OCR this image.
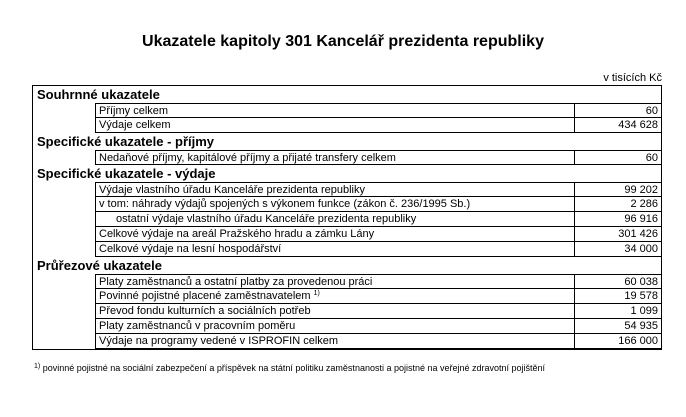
Ukazatele kapitoly 301 Kancelář prezidenta republiky
v tisících Kč
Souhrnné ukazatele
Příjmy celkem	60
Výdaje celkem	434 628
Specifické ukazatele - příjmy
Nedaňové příjmy, kapitálové příjmy a přijaté transfery celkem	60
Specifické ukazatele - výdaje
Výdaje vlastního úřadu Kanceláře prezidenta republiky	99 202
v tom: náhrady výdajů spojených s výkonem funkce (zákon č. 236/1995 Sb.)	2 286
ostatní výdaje vlastního úřadu Kanceláře prezidenta republiky	96 916
Celkové výdaje na areál Pražského hradu a zámku Lány	301 426
Celkové výdaje na lesní hospodářství	34 000
Průřezové ukazatele
Platy zaměstnanců a ostatní platby za provedenou práci	60 038
Povinné pojistné placené zaměstnavatelem $^{1)}$	19 578
Převod fondu kulturních a sociálních potřeb	1 099
Platy zaměstnanců v pracovním poměru	54 935
Výdaje na programy vedené v ISPROFIN celkem	166 000
$^{1)}$ povinné pojistné na sociální zabezpečení a příspěvek na státní politiku zaměstnanosti a pojistné na veřejné zdravotní pojištění
